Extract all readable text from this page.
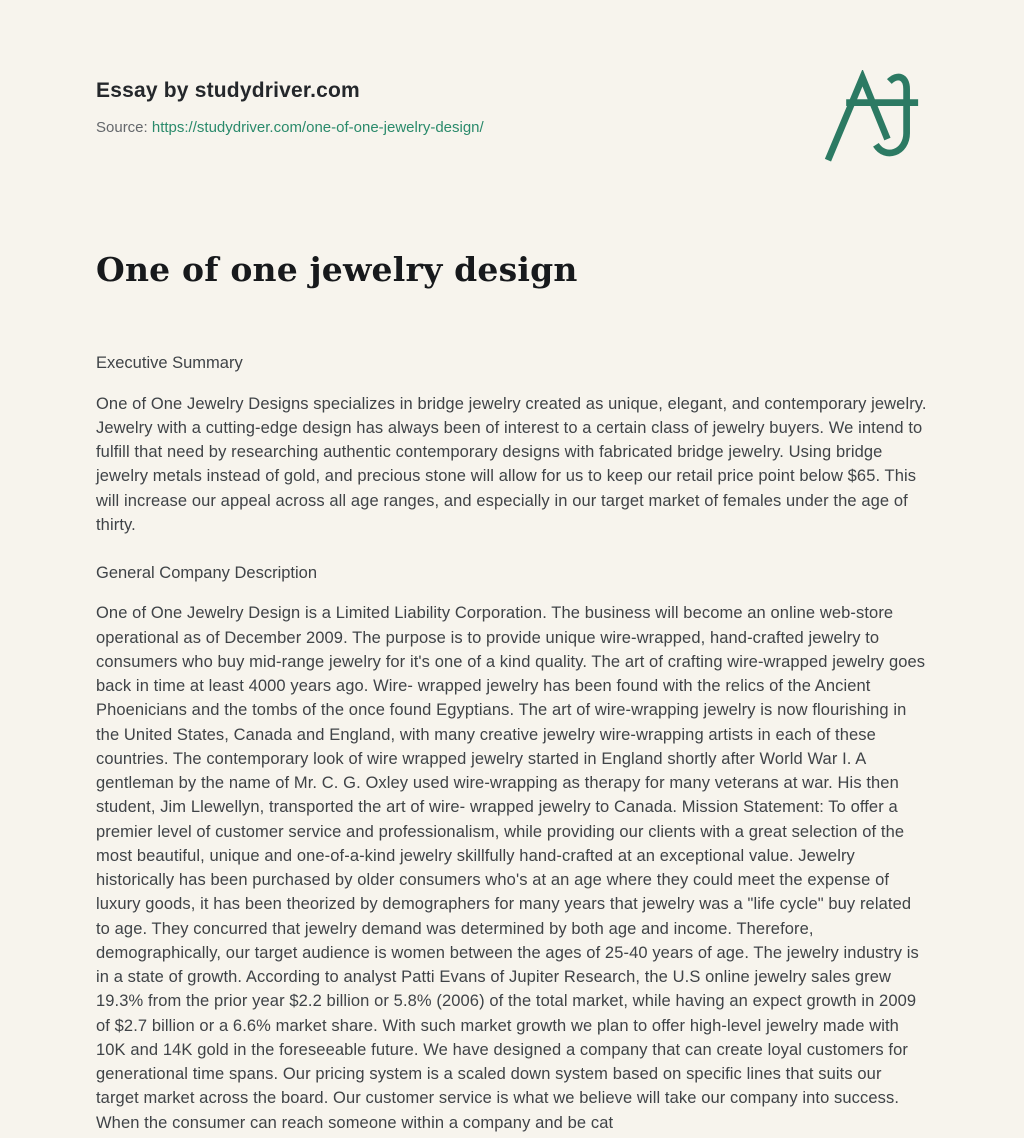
Essay by studydriver.com

Source: https://studydriver.com/one-of-one-jewelry-design/

One of one jewelry design

Executive Summary

One of One Jewelry Designs specializes in bridge jewelry created as unique, elegant, and contemporary jewelry. Jewelry with a cutting-edge design has always been of interest to a certain class of jewelry buyers. We intend to fulfill that need by researching authentic contemporary designs with fabricated bridge jewelry. Using bridge jewelry metals instead of gold, and precious stone will allow for us to keep our retail price point below $65. This will increase our appeal across all age ranges, and especially in our target market of females under the age of thirty.

General Company Description

One of One Jewelry Design is a Limited Liability Corporation. The business will become an online web-store operational as of December 2009. The purpose is to provide unique wire-wrapped, hand-crafted jewelry to consumers who buy mid-range jewelry for it's one of a kind quality. The art of crafting wire-wrapped jewelry goes back in time at least 4000 years ago. Wire- wrapped jewelry has been found with the relics of the Ancient Phoenicians and the tombs of the once found Egyptians. The art of wire-wrapping jewelry is now flourishing in the United States, Canada and England, with many creative jewelry wire-wrapping artists in each of these countries. The contemporary look of wire wrapped jewelry started in England shortly after World War I. A gentleman by the name of Mr. C. G. Oxley used wire-wrapping as therapy for many veterans at war. His then student, Jim Llewellyn, transported the art of wire- wrapped jewelry to Canada. Mission Statement: To offer a premier level of customer service and professionalism, while providing our clients with a great selection of the most beautiful, unique and one-of-a-kind jewelry skillfully hand-crafted at an exceptional value. Jewelry historically has been purchased by older consumers who's at an age where they could meet the expense of luxury goods, it has been theorized by demographers for many years that jewelry was a "life cycle" buy related to age. They concurred that jewelry demand was determined by both age and income. Therefore, demographically, our target audience is women between the ages of 25-40 years of age. The jewelry industry is in a state of growth. According to analyst Patti Evans of Jupiter Research, the U.S online jewelry sales grew 19.3% from the prior year $2.2 billion or 5.8% (2006) of the total market, while having an expect growth in 2009 of $2.7 billion or a 6.6% market share. With such market growth we plan to offer high-level jewelry made with 10K and 14K gold in the foreseeable future. We have designed a company that can create loyal customers for generational time spans. Our pricing system is a scaled down system based on specific lines that suits our target market across the board. Our customer service is what we believe will take our company into success. When the consumer can reach someone within a company and be cat
